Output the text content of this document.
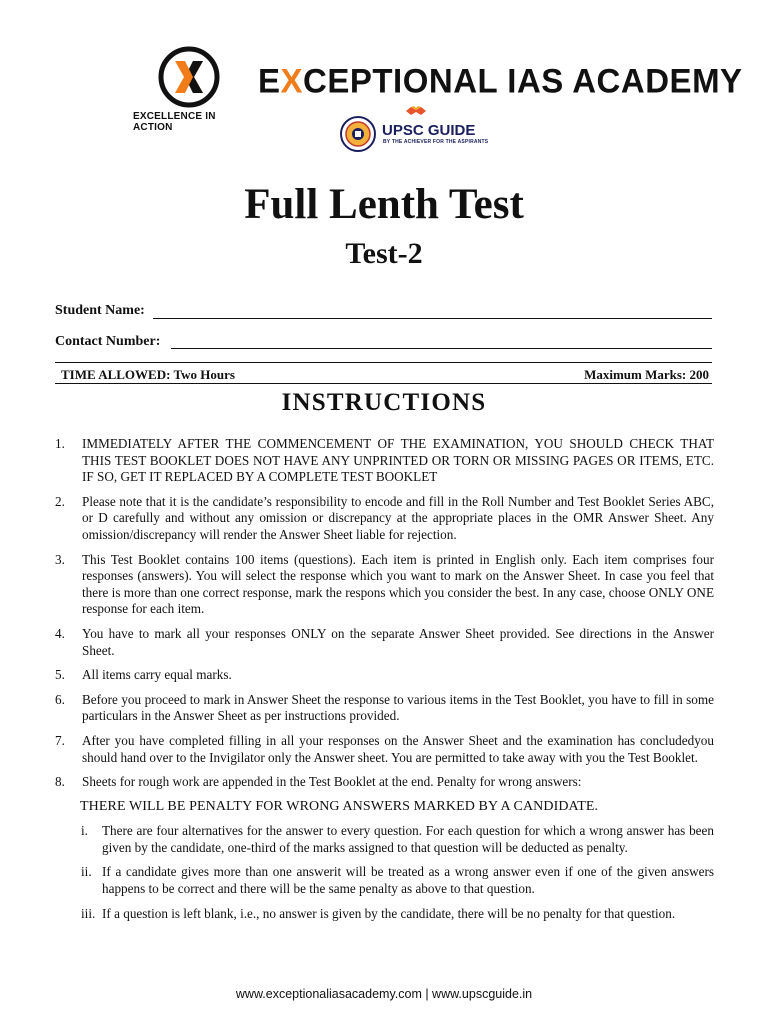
EXCELLENCE IN ACTION
EXCEPTIONAL IAS ACADEMY
UPSC GUIDE
BY THE ACHIEVER FOR THE ASPIRANTS
Full Lenth Test
Test-2
Student Name:
Contact Number:
TIME ALLOWED: Two Hours	Maximum Marks: 200
INSTRUCTIONS
1. IMMEDIATELY AFTER THE COMMENCEMENT OF THE EXAMINATION, YOU SHOULD CHECK THAT THIS TEST BOOKLET DOES NOT HAVE ANY UNPRINTED OR TORN OR MISSING PAGES OR ITEMS, ETC. IF SO, GET IT REPLACED BY A COMPLETE TEST BOOKLET
2. Please note that it is the candidate’s responsibility to encode and fill in the Roll Number and Test Booklet Series ABC, or D carefully and without any omission or discrepancy at the appropriate places in the OMR Answer Sheet. Any omission/discrepancy will render the Answer Sheet liable for rejection.
3. This Test Booklet contains 100 items (questions). Each item is printed in English only. Each item comprises four responses (answers). You will select the response which you want to mark on the Answer Sheet. In case you feel that there is more than one correct response, mark the respons which you consider the best. In any case, choose ONLY ONE response for each item.
4. You have to mark all your responses ONLY on the separate Answer Sheet provided. See directions in the Answer Sheet.
5. All items carry equal marks.
6. Before you proceed to mark in Answer Sheet the response to various items in the Test Booklet, you have to fill in some particulars in the Answer Sheet as per instructions provided.
7. After you have completed filling in all your responses on the Answer Sheet and the examination has concludedyou should hand over to the Invigilator only the Answer sheet. You are permitted to take away with you the Test Booklet.
8. Sheets for rough work are appended in the Test Booklet at the end. Penalty for wrong answers:
THERE WILL BE PENALTY FOR WRONG ANSWERS MARKED BY A CANDIDATE.
i. There are four alternatives for the answer to every question. For each question for which a wrong answer has been given by the candidate, one-third of the marks assigned to that question will be deducted as penalty.
ii. If a candidate gives more than one answerit will be treated as a wrong answer even if one of the given answers happens to be correct and there will be the same penalty as above to that question.
iii. If a question is left blank, i.e., no answer is given by the candidate, there will be no penalty for that question.
www.exceptionaliasacademy.com | www.upscguide.in
